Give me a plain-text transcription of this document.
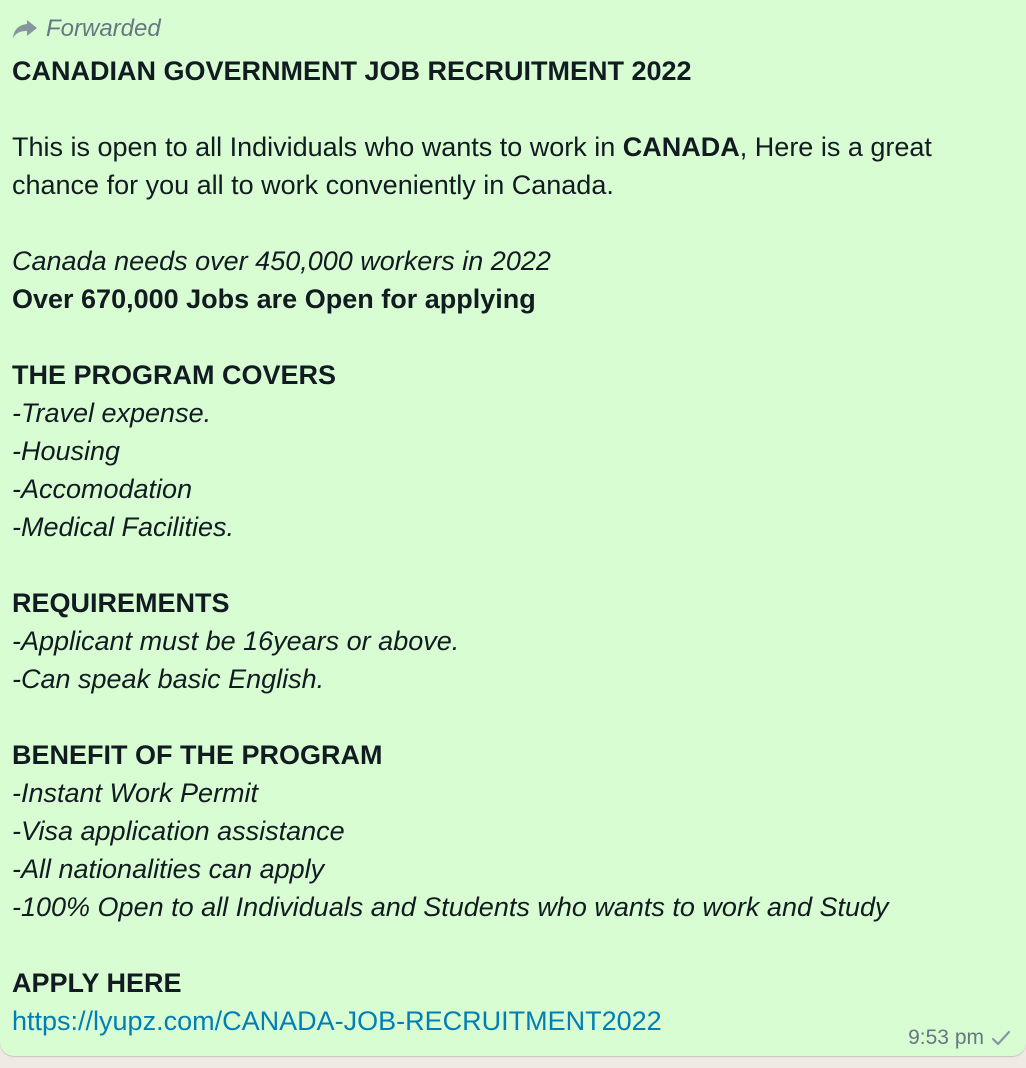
Forwarded
CANADIAN GOVERNMENT JOB RECRUITMENT 2022
This is open to all Individuals who wants to work in CANADA, Here is a great chance for you all to work conveniently in Canada.
Canada needs over 450,000 workers in 2022
Over 670,000 Jobs are Open for applying
THE PROGRAM COVERS
-Travel expense.
-Housing
-Accomodation
-Medical Facilities.
REQUIREMENTS
-Applicant must be 16years or above.
-Can speak basic English.
BENEFIT OF THE PROGRAM
-Instant Work Permit
-Visa application assistance
-All nationalities can apply
-100% Open to all Individuals and Students who wants to work and Study
APPLY HERE
https://lyupz.com/CANADA-JOB-RECRUITMENT2022
9:53 pm
